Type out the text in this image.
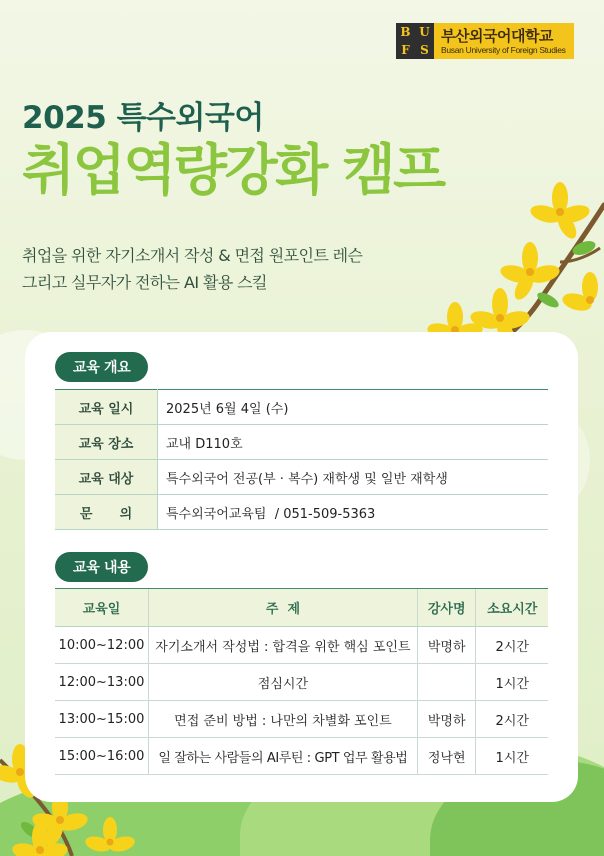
B U
F S
부산외국어대학교
Busan University of Foreign Studies
2025 특수외국어
취업역량강화 캠프
취업을 위한 자기소개서 작성 & 면접 원포인트 레슨
그리고 실무자가 전하는 AI 활용 스킬
교육 개요
교육 일시	2025년 6월 4일 (수)
교육 장소	교내 D110호
교육 대상	특수외국어 전공(부 · 복수) 재학생 및 일반 재학생
문      의	특수외국어교육팀  / 051-509-5363
교육 내용
교육일	주  제	강사명	소요시간
10:00~12:00	자기소개서 작성법 : 합격을 위한 핵심 포인트	박명하	2시간
12:00~13:00	점심시간		1시간
13:00~15:00	면접 준비 방법 : 나만의 차별화 포인트	박명하	2시간
15:00~16:00	일 잘하는 사람들의 AI루틴 : GPT 업무 활용법	정낙현	1시간
